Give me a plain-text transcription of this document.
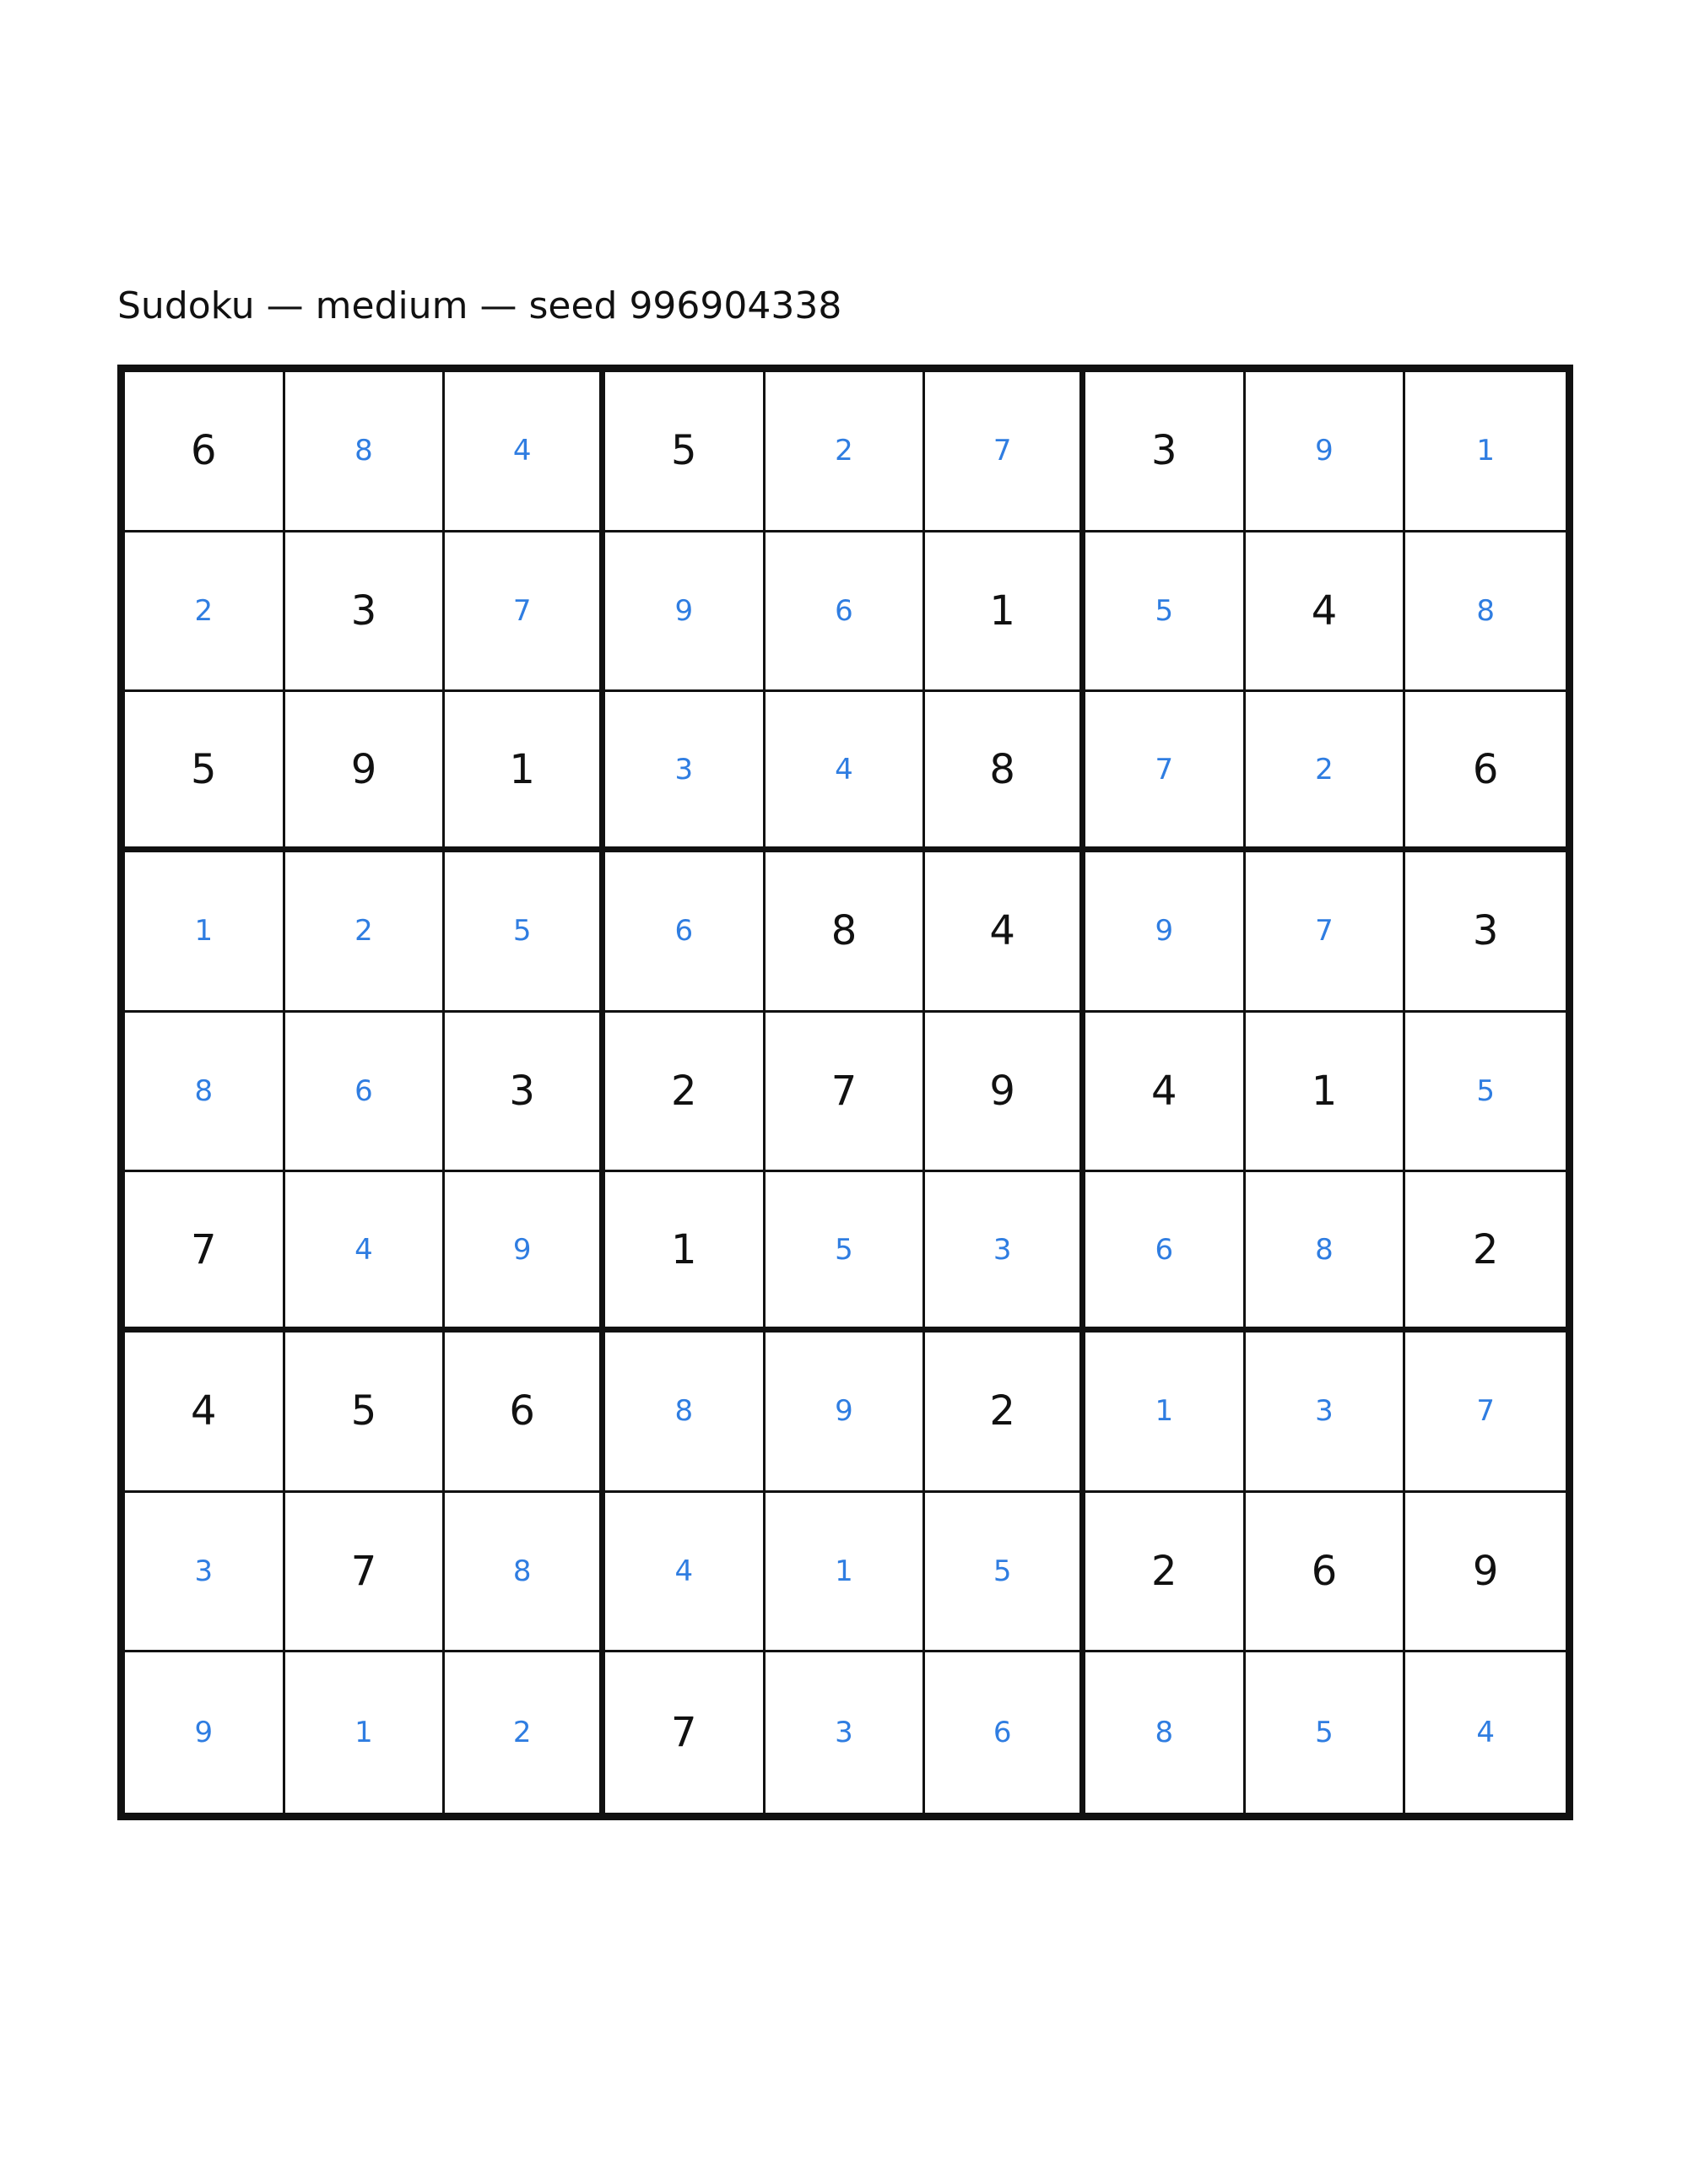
Sudoku — medium — seed 996904338
6	8	4	5	2	7	3	9	1
2	3	7	9	6	1	5	4	8
5	9	1	3	4	8	7	2	6
1	2	5	6	8	4	9	7	3
8	6	3	2	7	9	4	1	5
7	4	9	1	5	3	6	8	2
4	5	6	8	9	2	1	3	7
3	7	8	4	1	5	2	6	9
9	1	2	7	3	6	8	5	4
